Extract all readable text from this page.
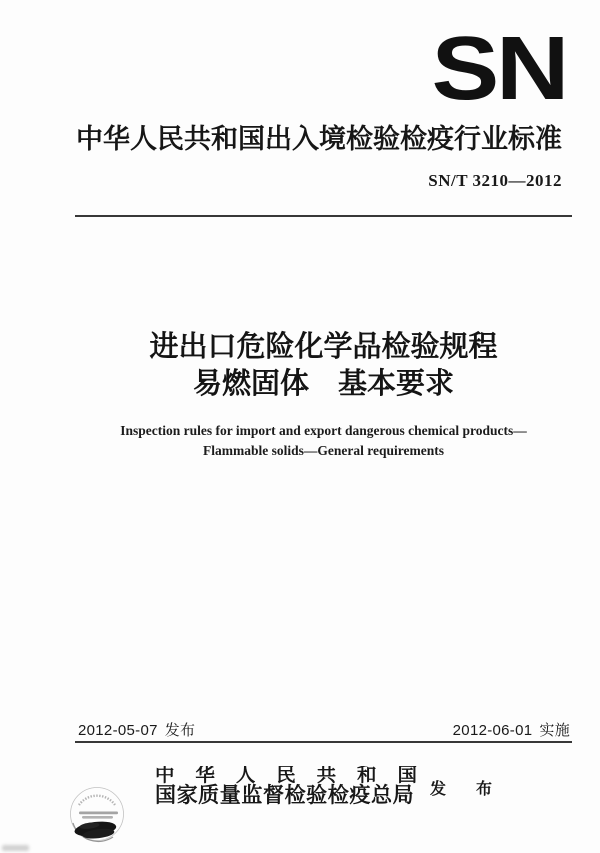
SN
中华人民共和国出入境检验检疫行业标准
SN/T 3210—2012
进出口危险化学品检验规程
易燃固体　基本要求
Inspection rules for import and export dangerous chemical products—
Flammable solids—General requirements
2012-05-07 发布	2012-06-01 实施
中华人民共和国
国家质量监督检验检疫总局 发 布
